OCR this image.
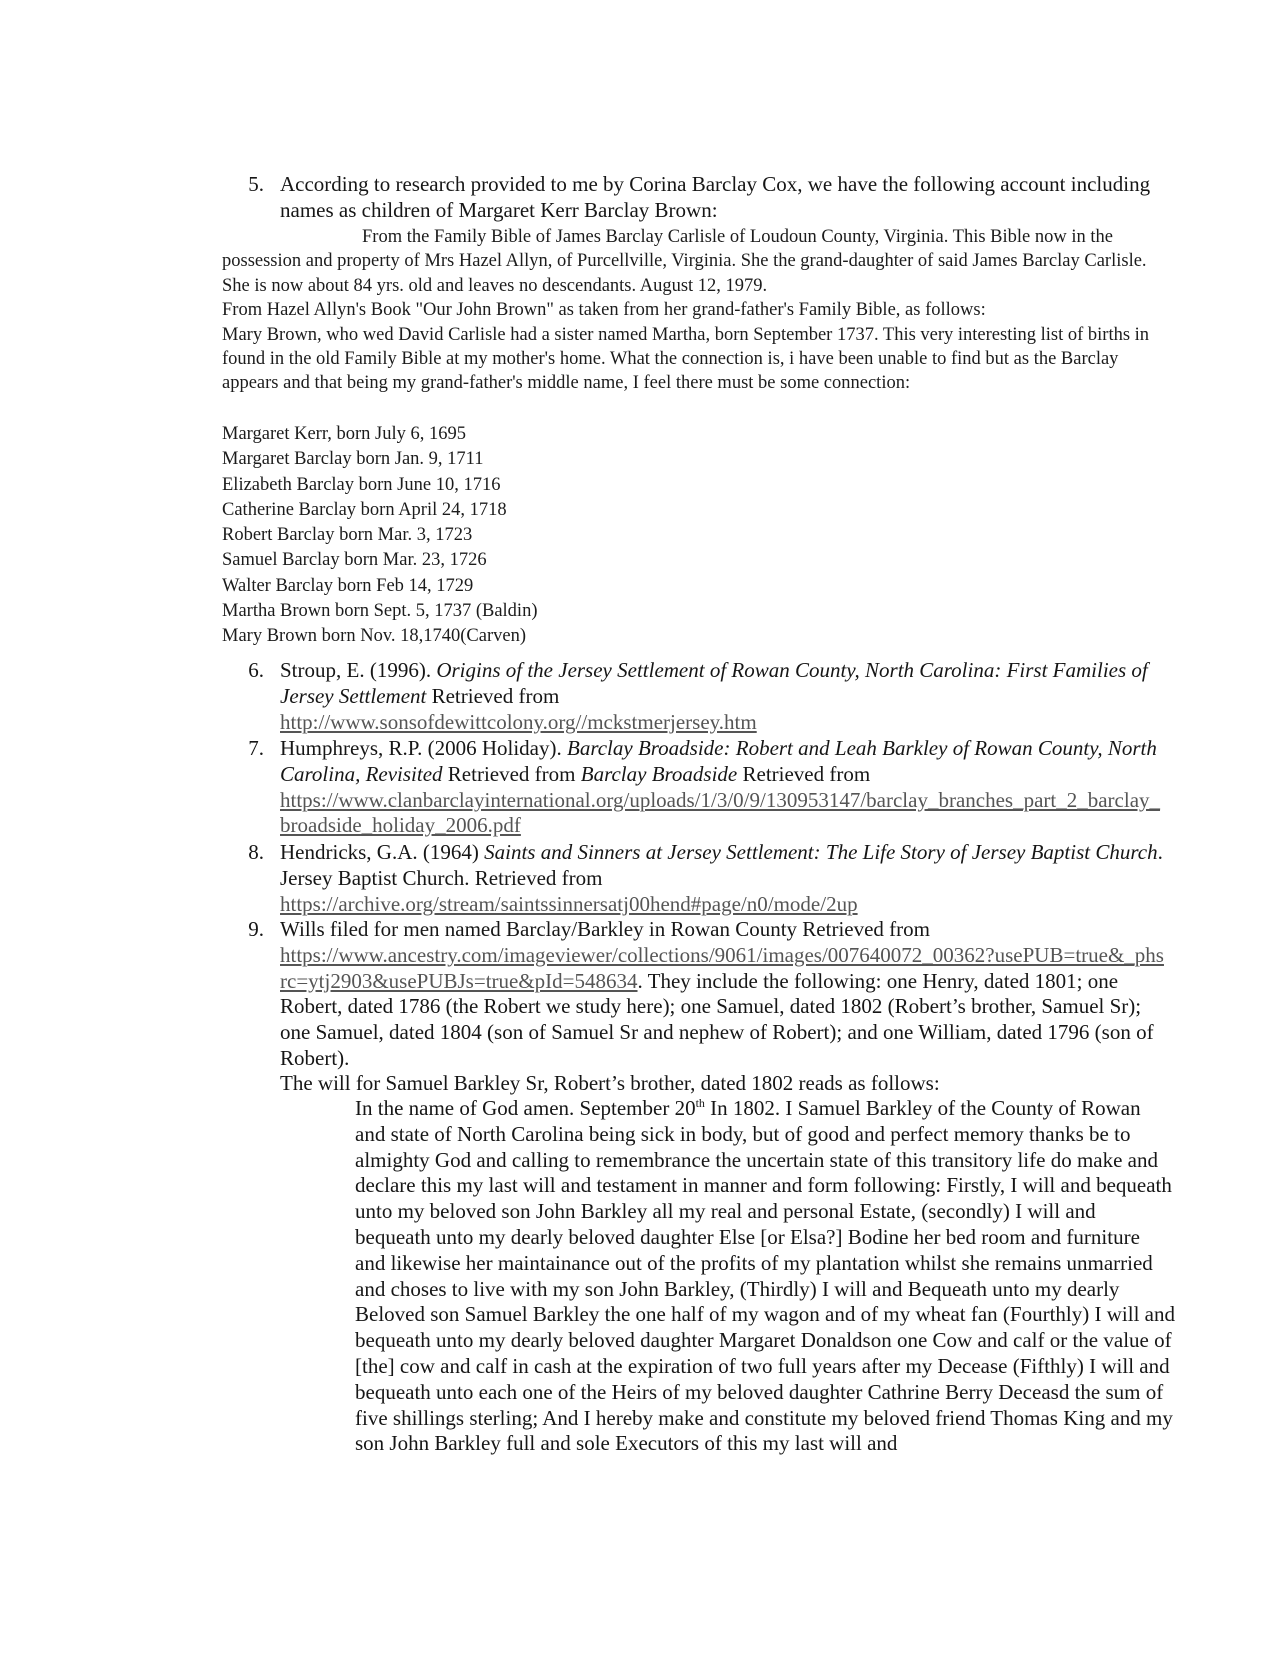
5. According to research provided to me by Corina Barclay Cox, we have the following account including names as children of Margaret Kerr Barclay Brown:
From the Family Bible of James Barclay Carlisle of Loudoun County, Virginia. This Bible now in the possession and property of Mrs Hazel Allyn, of Purcellville, Virginia. She the grand-daughter of said James Barclay Carlisle. She is now about 84 yrs. old and leaves no descendants. August 12, 1979.
From Hazel Allyn's Book "Our John Brown" as taken from her grand-father's Family Bible, as follows:
Mary Brown, who wed David Carlisle had a sister named Martha, born September 1737. This very interesting list of births in found in the old Family Bible at my mother's home. What the connection is, i have been unable to find but as the Barclay appears and that being my grand-father's middle name, I feel there must be some connection:
Margaret Kerr, born July 6, 1695
Margaret Barclay born Jan. 9, 1711
Elizabeth Barclay born June 10, 1716
Catherine Barclay born April 24, 1718
Robert Barclay born Mar. 3, 1723
Samuel Barclay born Mar. 23, 1726
Walter Barclay born Feb 14, 1729
Martha Brown born Sept. 5, 1737 (Baldin)
Mary Brown born Nov. 18,1740(Carven)
6. Stroup, E. (1996). Origins of the Jersey Settlement of Rowan County, North Carolina: First Families of Jersey Settlement Retrieved from
http://www.sonsofdewittcolony.org//mckstmerjersey.htm
7. Humphreys, R.P. (2006 Holiday). Barclay Broadside: Robert and Leah Barkley of Rowan County, North Carolina, Revisited Retrieved from Barclay Broadside Retrieved from
https://www.clanbarclayinternational.org/uploads/1/3/0/9/130953147/barclay_branches_part_2_barclay_broadside_holiday_2006.pdf
8. Hendricks, G.A. (1964) Saints and Sinners at Jersey Settlement: The Life Story of Jersey Baptist Church. Jersey Baptist Church. Retrieved from
https://archive.org/stream/saintssinnersatj00hend#page/n0/mode/2up
9. Wills filed for men named Barclay/Barkley in Rowan County Retrieved from
https://www.ancestry.com/imageviewer/collections/9061/images/007640072_00362?usePUB=true&_phsrc=ytj2903&usePUBJs=true&pId=548634. They include the following: one Henry, dated 1801; one Robert, dated 1786 (the Robert we study here); one Samuel, dated 1802 (Robert’s brother, Samuel Sr); one Samuel, dated 1804 (son of Samuel Sr and nephew of Robert); and one William, dated 1796 (son of Robert).
The will for Samuel Barkley Sr, Robert’s brother, dated 1802 reads as follows:
In the name of God amen. September 20th In 1802. I Samuel Barkley of the County of Rowan and state of North Carolina being sick in body, but of good and perfect memory thanks be to almighty God and calling to remembrance the uncertain state of this transitory life do make and declare this my last will and testament in manner and form following: Firstly, I will and bequeath unto my beloved son John Barkley all my real and personal Estate, (secondly) I will and bequeath unto my dearly beloved daughter Else [or Elsa?] Bodine her bed room and furniture and likewise her maintainance out of the profits of my plantation whilst she remains unmarried and choses to live with my son John Barkley, (Thirdly) I will and Bequeath unto my dearly Beloved son Samuel Barkley the one half of my wagon and of my wheat fan (Fourthly) I will and bequeath unto my dearly beloved daughter Margaret Donaldson one Cow and calf or the value of [the] cow and calf in cash at the expiration of two full years after my Decease (Fifthly) I will and bequeath unto each one of the Heirs of my beloved daughter Cathrine Berry Deceasd the sum of five shillings sterling; And I hereby make and constitute my beloved friend Thomas King and my son John Barkley full and sole Executors of this my last will and
